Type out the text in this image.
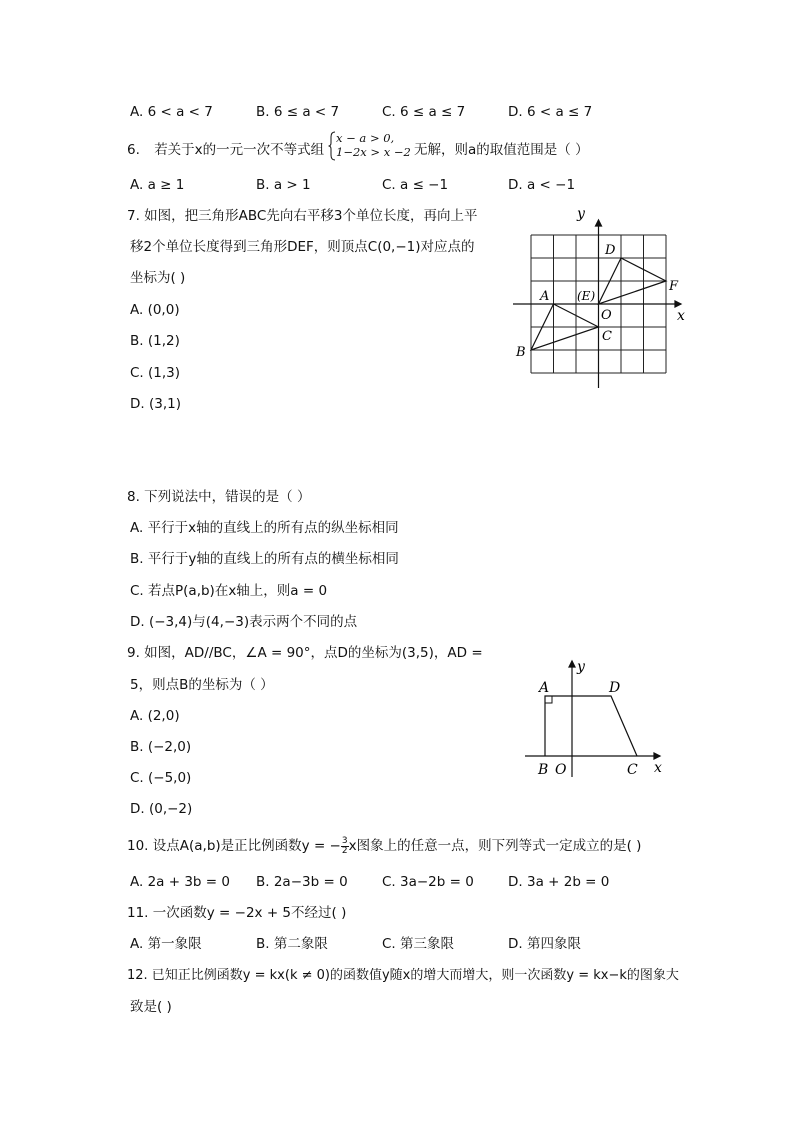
A. 6 < a < 7	B. 6 ≤ a < 7	C. 6 ≤ a ≤ 7	D. 6 < a ≤ 7
6. 若关于x的一元一次不等式组
x − a > 0,
1−2x > x −2 无解，则a的取值范围是（ ）
A. a ≥ 1	B. a > 1	C. a ≤ −1	D. a < −1
7. 如图，把三角形ABC先向右平移3个单位长度，再向上平
移2个单位长度得到三角形DEF，则顶点C(0,−1)对应点的
坐标为( )
A. (0,0)
B. (1,2)
C. (1,3)
D. (3,1)
y
x
A
B
C
D
(E)
F
O
8. 下列说法中，错误的是（ ）
A. 平行于x轴的直线上的所有点的纵坐标相同
B. 平行于y轴的直线上的所有点的横坐标相同
C. 若点P(a,b)在x轴上，则a = 0
D. (−3,4)与(4,−3)表示两个不同的点
9. 如图，AD//BC，∠A = 90°，点D的坐标为(3,5)，AD =
5，则点B的坐标为（ ）
A. (2,0)
B. (−2,0)
C. (−5,0)
D. (0,−2)
y
x
A	D
B O	C
10. 设点A(a,b)是正比例函数y = − $\frac{3}{2}$ x图象上的任意一点，则下列等式一定成立的是( )
A. 2a + 3b = 0 B. 2a−3b = 0	C. 3a−2b = 0	D. 3a + 2b = 0
11. 一次函数y = −2x + 5不经过( )
A. 第一象限	B. 第二象限	C. 第三象限	D. 第四象限
12. 已知正比例函数y = kx(k ≠ 0)的函数值y随x的增大而增大，则一次函数y = kx−k的图象大
致是( )
